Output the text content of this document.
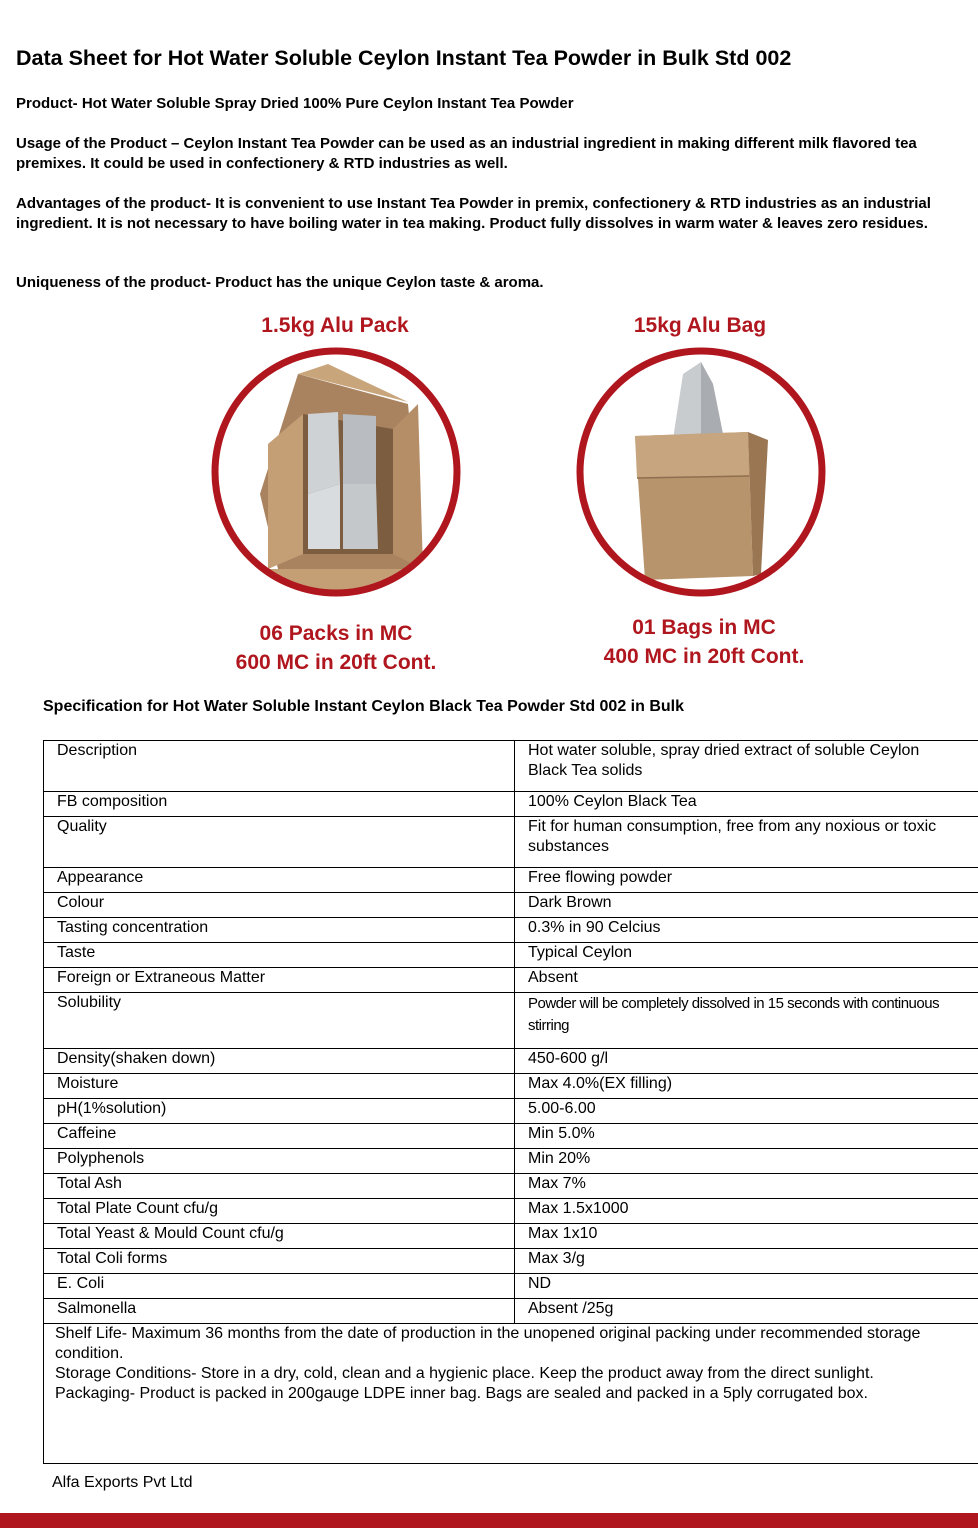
Data Sheet for Hot Water Soluble Ceylon Instant Tea Powder in Bulk Std 002

Product- Hot Water Soluble Spray Dried 100% Pure Ceylon Instant Tea Powder

Usage of the Product – Ceylon Instant Tea Powder can be used as an industrial ingredient in making different milk flavored tea premixes. It could be used in confectionery & RTD industries as well.

Advantages of the product- It is convenient to use Instant Tea Powder in premix, confectionery & RTD industries as an industrial ingredient. It is not necessary to have boiling water in tea making. Product fully dissolves in warm water & leaves zero residues.

Uniqueness of the product- Product has the unique Ceylon taste & aroma.

1.5kg Alu Pack
06 Packs in MC
600 MC in 20ft Cont.
15kg Alu Bag
01 Bags in MC
400 MC in 20ft Cont.
Specification for Hot Water Soluble Instant Ceylon Black Tea Powder Std 002 in Bulk
Description	Hot water soluble, spray dried extract of soluble Ceylon Black Tea solids
FB composition	100% Ceylon Black Tea
Quality	Fit for human consumption, free from any noxious or toxic substances
Appearance	Free flowing powder
Colour	Dark Brown
Tasting concentration	0.3% in 90 Celcius
Taste	Typical Ceylon
Foreign or Extraneous Matter	Absent
Solubility	Powder will be completely dissolved in 15 seconds with continuous stirring
Density(shaken down)	450-600 g/l
Moisture	Max 4.0%(EX filling)
pH(1%solution)	5.00-6.00
Caffeine	Min 5.0%
Polyphenols	Min 20%
Total Ash	Max 7%
Total Plate Count cfu/g	Max 1.5x1000
Total Yeast & Mould Count cfu/g	Max 1x10
Total Coli forms	Max 3/g
E. Coli	ND
Salmonella	Absent /25g

Shelf Life- Maximum 36 months from the date of production in the unopened original packing under recommended storage condition.
Storage Conditions- Store in a dry, cold, clean and a hygienic place. Keep the product away from the direct sunlight.
Packaging- Product is packed in 200gauge LDPE inner bag. Bags are sealed and packed in a 5ply corrugated box.	
Alfa Exports Pvt Ltd
